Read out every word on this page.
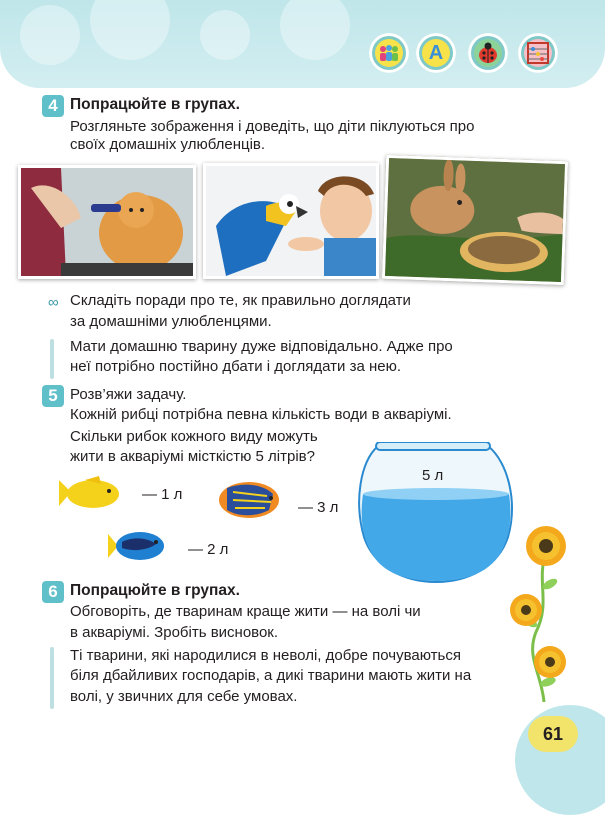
A
4 Попрацюйте в групах.
Розгляньте зображення і доведіть, що діти піклуються про
своїх домашніх улюбленців.
∞ Складіть поради про те, як правильно доглядати
за домашніми улюбленцями.
Мати домашню тварину дуже відповідально. Адже про
неї потрібно постійно дбати і доглядати за нею.
5 Розв’яжи задачу.
Кожній рибці потрібна певна кількість води в акваріумі.
Скільки рибок кожного виду можуть
жити в акваріумі місткістю 5 літрів?
— 1 л
— 3 л
— 2 л
5 л
6 Попрацюйте в групах.
Обговоріть, де тваринам краще жити — на волі чи
в акваріумі. Зробіть висновок.
Ті тварини, які народилися в неволі, добре почуваються
біля дбайливих господарів, а дикі тварини мають жити на
волі, у звичних для себе умовах.
61
